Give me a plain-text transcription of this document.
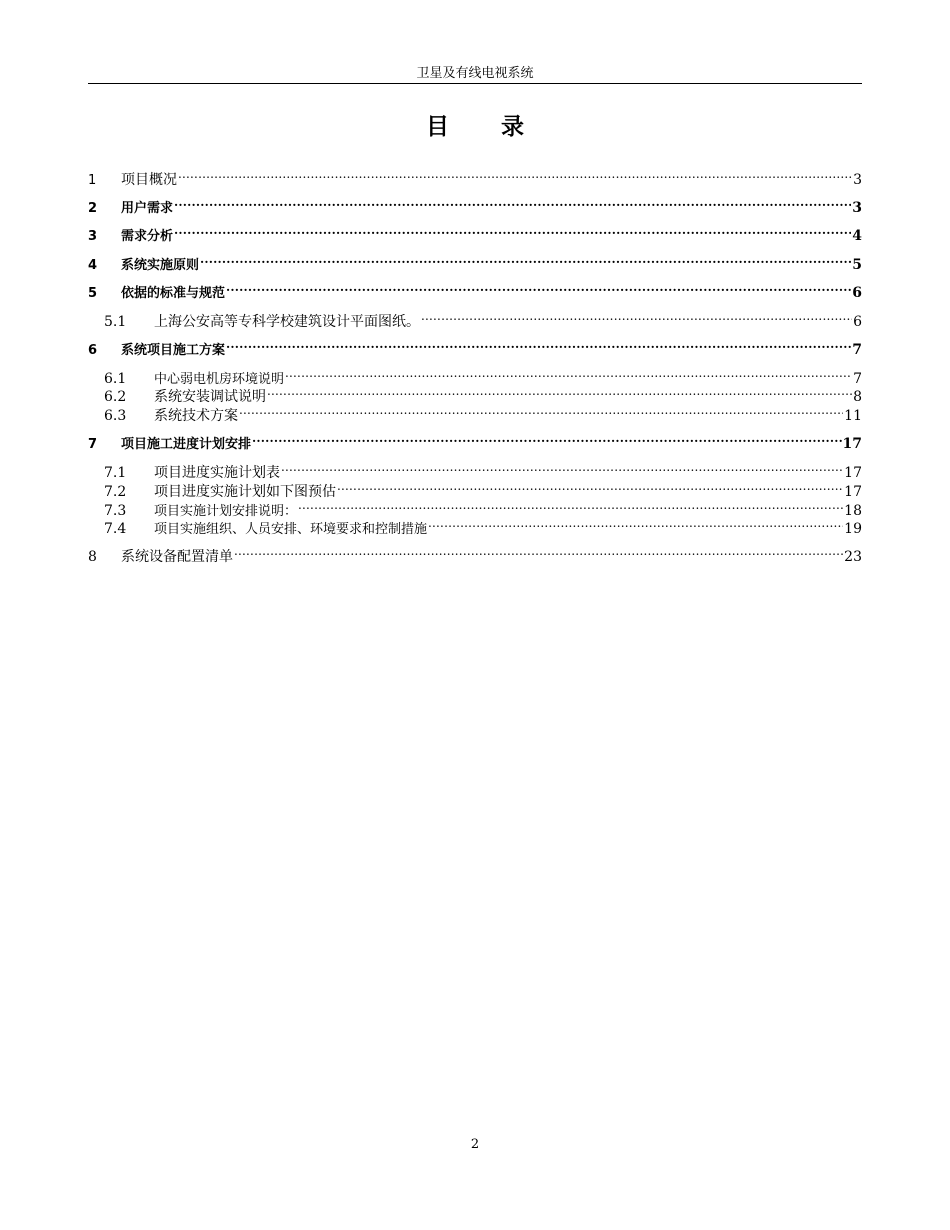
卫星及有线电视系统
目录
1	项目概况 .....	3
2	用户需求 .....	3
3	需求分析 .....	4
4	系统实施原则 .....	5
5	依据的标准与规范 .....	6
5.1	上海公安高等专科学校建筑设计平面图纸。 .....	6
6	系统项目施工方案 .....	7
6.1	中心弱电机房环境说明 .....	7
6.2	系统安装调试说明 .....	8
6.3	系统技术方案 .....	11
7	项目施工进度计划安排 .....	17
7.1	项目进度实施计划表 .....	17
7.2	项目进度实施计划如下图预估 .....	17
7.3	项目实施计划安排说明： .....	18
7.4	项目实施组织、人员安排、环境要求和控制措施 .....	19
8	系统设备配置清单 .....	23
2
